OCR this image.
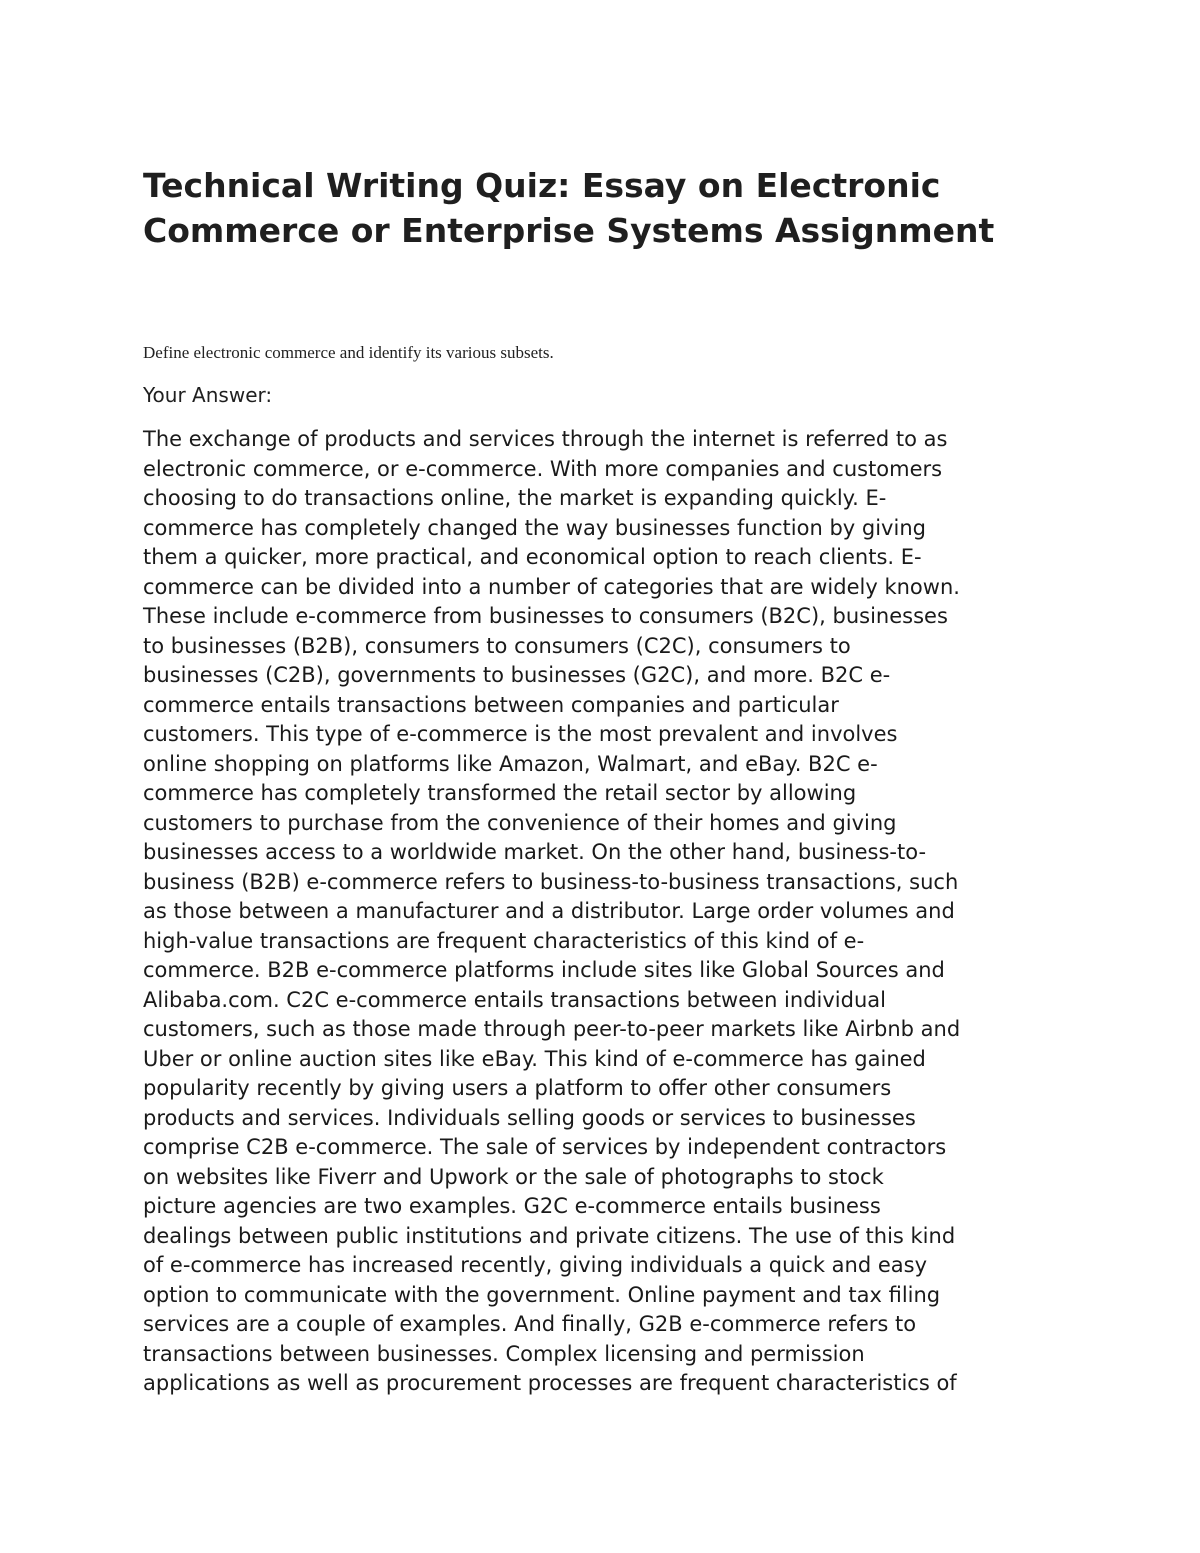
Technical Writing Quiz: Essay on Electronic
Commerce or Enterprise Systems Assignment

Define electronic commerce and identify its various subsets.

Your Answer:

The exchange of products and services through the internet is referred to as
electronic commerce, or e-commerce. With more companies and customers
choosing to do transactions online, the market is expanding quickly. E-
commerce has completely changed the way businesses function by giving
them a quicker, more practical, and economical option to reach clients. E-
commerce can be divided into a number of categories that are widely known.
These include e-commerce from businesses to consumers (B2C), businesses
to businesses (B2B), consumers to consumers (C2C), consumers to
businesses (C2B), governments to businesses (G2C), and more. B2C e-
commerce entails transactions between companies and particular
customers. This type of e-commerce is the most prevalent and involves
online shopping on platforms like Amazon, Walmart, and eBay. B2C e-
commerce has completely transformed the retail sector by allowing
customers to purchase from the convenience of their homes and giving
businesses access to a worldwide market. On the other hand, business-to-
business (B2B) e-commerce refers to business-to-business transactions, such
as those between a manufacturer and a distributor. Large order volumes and
high-value transactions are frequent characteristics of this kind of e-
commerce. B2B e-commerce platforms include sites like Global Sources and
Alibaba.com. C2C e-commerce entails transactions between individual
customers, such as those made through peer-to-peer markets like Airbnb and
Uber or online auction sites like eBay. This kind of e-commerce has gained
popularity recently by giving users a platform to offer other consumers
products and services. Individuals selling goods or services to businesses
comprise C2B e-commerce. The sale of services by independent contractors
on websites like Fiverr and Upwork or the sale of photographs to stock
picture agencies are two examples. G2C e-commerce entails business
dealings between public institutions and private citizens. The use of this kind
of e-commerce has increased recently, giving individuals a quick and easy
option to communicate with the government. Online payment and tax filing
services are a couple of examples. And finally, G2B e-commerce refers to
transactions between businesses. Complex licensing and permission
applications as well as procurement processes are frequent characteristics of
